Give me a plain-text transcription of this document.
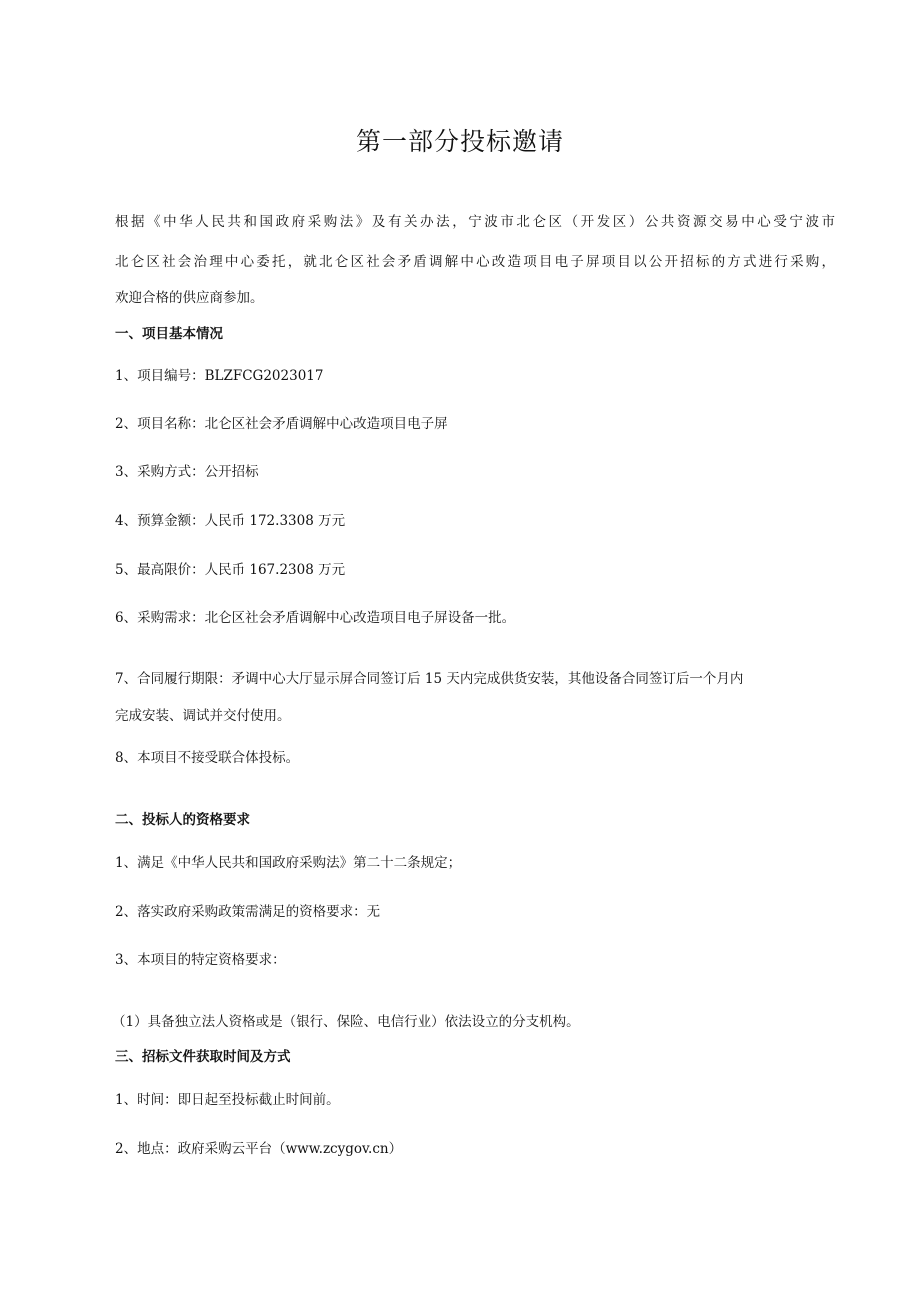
第一部分投标邀请

根据《中华人民共和国政府采购法》及有关办法，宁波市北仑区（开发区）公共资源交易中心受宁波市

北仑区社会治理中心委托，就北仑区社会矛盾调解中心改造项目电子屏项目以公开招标的方式进行采购，

欢迎合格的供应商参加。

一、项目基本情况

1、项目编号：BLZFCG2023017

2、项目名称：北仑区社会矛盾调解中心改造项目电子屏

3、采购方式：公开招标

4、预算金额：人民币 172.3308 万元

5、最高限价：人民币 167.2308 万元

6、采购需求：北仑区社会矛盾调解中心改造项目电子屏设备一批。

7、合同履行期限：矛调中心大厅显示屏合同签订后 15 天内完成供货安装，其他设备合同签订后一个月内

完成安装、调试并交付使用。

8、本项目不接受联合体投标。

二、投标人的资格要求

1、满足《中华人民共和国政府采购法》第二十二条规定；

2、落实政府采购政策需满足的资格要求：无

3、本项目的特定资格要求：

（1）具备独立法人资格或是（银行、保险、电信行业）依法设立的分支机构。

三、招标文件获取时间及方式

1、时间：即日起至投标截止时间前。

2、地点：政府采购云平台（www.zcygov.cn）
